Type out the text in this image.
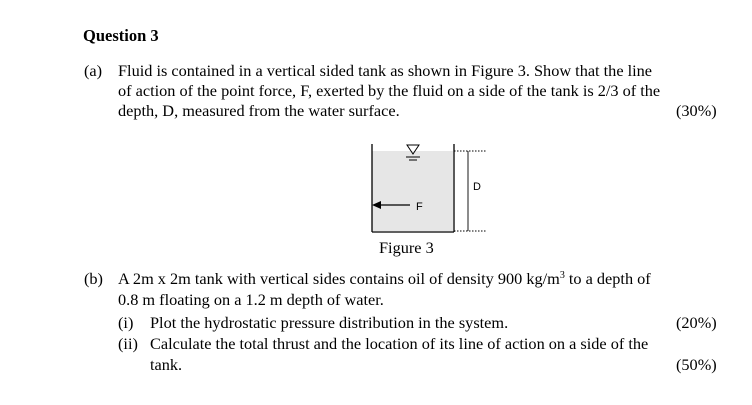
Question 3
(a) Fluid is contained in a vertical sided tank as shown in Figure 3. Show that the line
of action of the point force, F, exerted by the fluid on a side of the tank is 2/3 of the
depth, D, measured from the water surface.	(30%)
F
D
Figure 3
(b) A 2m x 2m tank with vertical sides contains oil of density 900 $kg/m^3$ to a depth of
0.8 m floating on a 1.2 m depth of water.
(i) Plot the hydrostatic pressure distribution in the system.	(20%)
(ii) Calculate the total thrust and the location of its line of action on a side of the
tank.	(50%)
